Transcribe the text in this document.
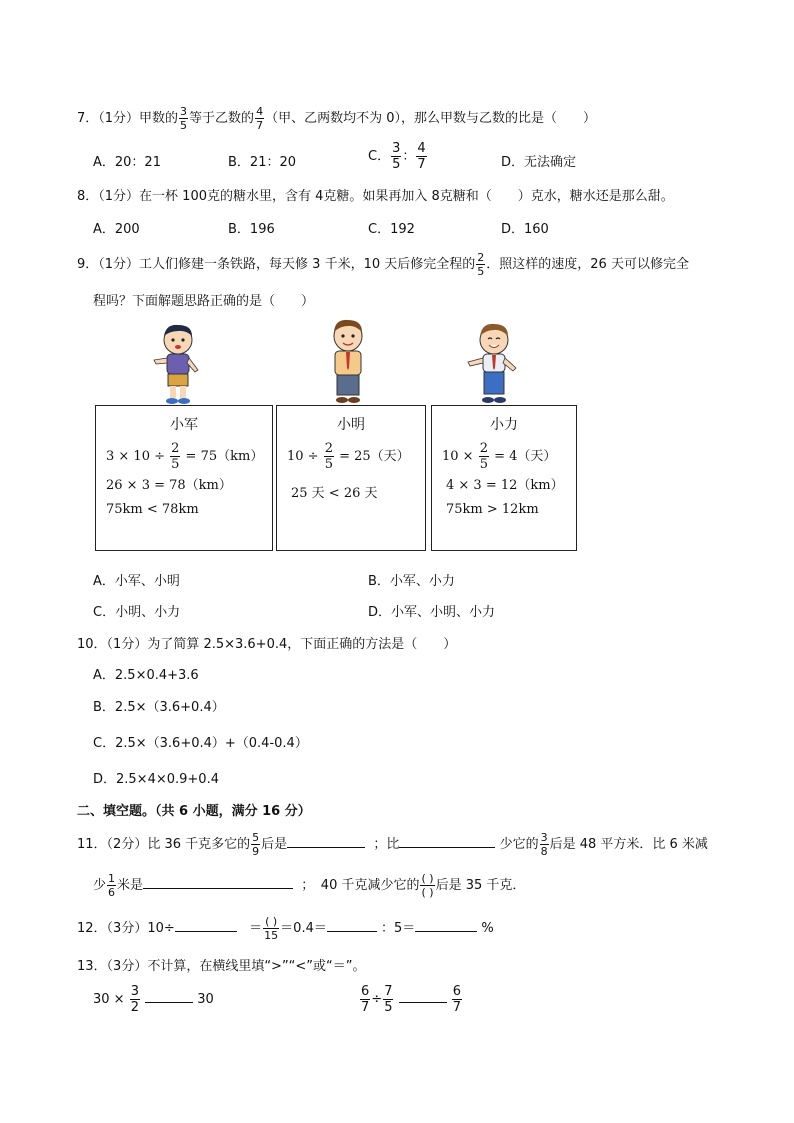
7．（1分）甲数的 $\frac{3}{5}$ 等于乙数的 $\frac{4}{7}$ （甲、乙两数均不为 0），那么甲数与乙数的比是（　　）
A．20：21	B．21：20	C． $\frac{3}{5}$ ： $\frac{4}{7}$	D．无法确定
8．（1分）在一杯 100克的糖水里，含有 4克糖。如果再加入 8克糖和（　　）克水，糖水还是那么甜。
A．200	B．196	C．192	D．160
9．（1分）工人们修建一条铁路，每天修 3 千米，10 天后修完全程的 $\frac{2}{5}$ ．照这样的速度，26 天可以修完全
程吗？下面解题思路正确的是（　　）
小军
$3 \times 10 \div \frac{2}{5} = 75(km)$
26 × 3 = 78（km）
75km < 78km
小明
$10 \div \frac{2}{5} = 25$（天）
25 天 < 26 天
小力
$10 \times \frac{2}{5} = 4$（天）
4 × 3 = 12（km）
75km > 12km
A．小军、小明	B．小军、小力
C．小明、小力	D．小军、小明、小力
10．（1分）为了简算 2.5×3.6+0.4，下面正确的方法是（　　）
A．2.5×0.4+3.6
B．2.5×（3.6+0.4）
C．2.5×（3.6+0.4）+（0.4-0.4）
D．2.5×4×0.9+0.4
二、填空题。（共 6 小题，满分 16 分）
11．（2分）比 36 千克多它的 $\frac{5}{9}$ 后是	；比	少它的 $\frac{3}{8}$ 后是 48 平方米．比 6 米减
少 $\frac{1}{6}$ 米是	；　40 千克减少它的 $\frac{( )}{( )}$ 后是 35 千克．
12．（3分）10÷	＝ $\frac{( )}{15} =0.4=$	：5＝	%
13．（3分）不计算，在横线里填“>”“<”或“＝”。
$30 \times \frac{3}{2}$	30	$\frac{6}{7} \div \frac{7}{5}$
	$\frac{6}{7}$
